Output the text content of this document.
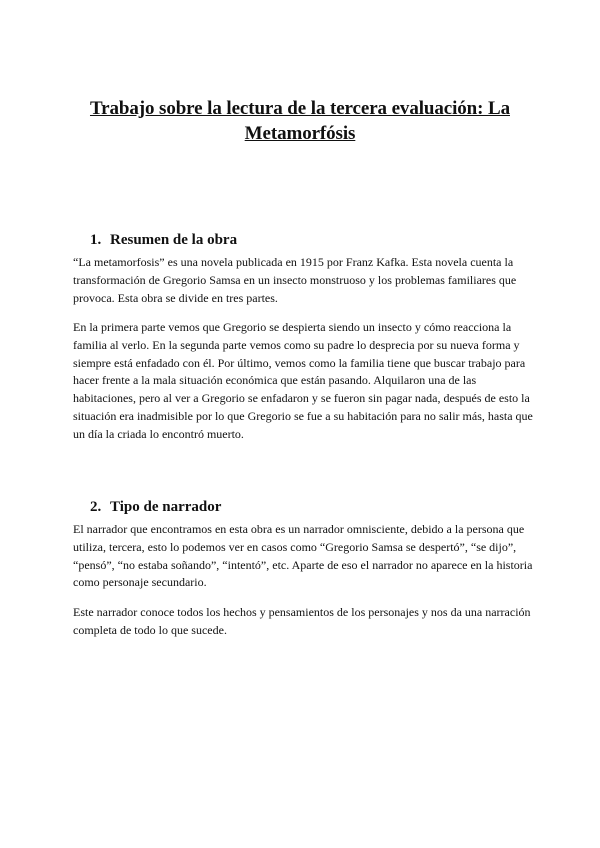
Trabajo sobre la lectura de la tercera evaluación: La Metamorfósis
1. Resumen de la obra

“La metamorfosis” es una novela publicada en 1915 por Franz Kafka. Esta novela cuenta la transformación de Gregorio Samsa en un insecto monstruoso y los problemas familiares que provoca. Esta obra se divide en tres partes.

En la primera parte vemos que Gregorio se despierta siendo un insecto y cómo reacciona la familia al verlo. En la segunda parte vemos como su padre lo desprecia por su nueva forma y siempre está enfadado con él. Por último, vemos como la familia tiene que buscar trabajo para hacer frente a la mala situación económica que están pasando. Alquilaron una de las habitaciones, pero al ver a Gregorio se enfadaron y se fueron sin pagar nada, después de esto la situación era inadmisible por lo que Gregorio se fue a su habitación para no salir más, hasta que un día la criada lo encontró muerto.

2. Tipo de narrador

El narrador que encontramos en esta obra es un narrador omnisciente, debido a la persona que utiliza, tercera, esto lo podemos ver en casos como “Gregorio Samsa se despertó”, “se dijo”, “pensó”, “no estaba soñando”, “intentó”, etc. Aparte de eso el narrador no aparece en la historia como personaje secundario.

Este narrador conoce todos los hechos y pensamientos de los personajes y nos da una narración completa de todo lo que sucede.
